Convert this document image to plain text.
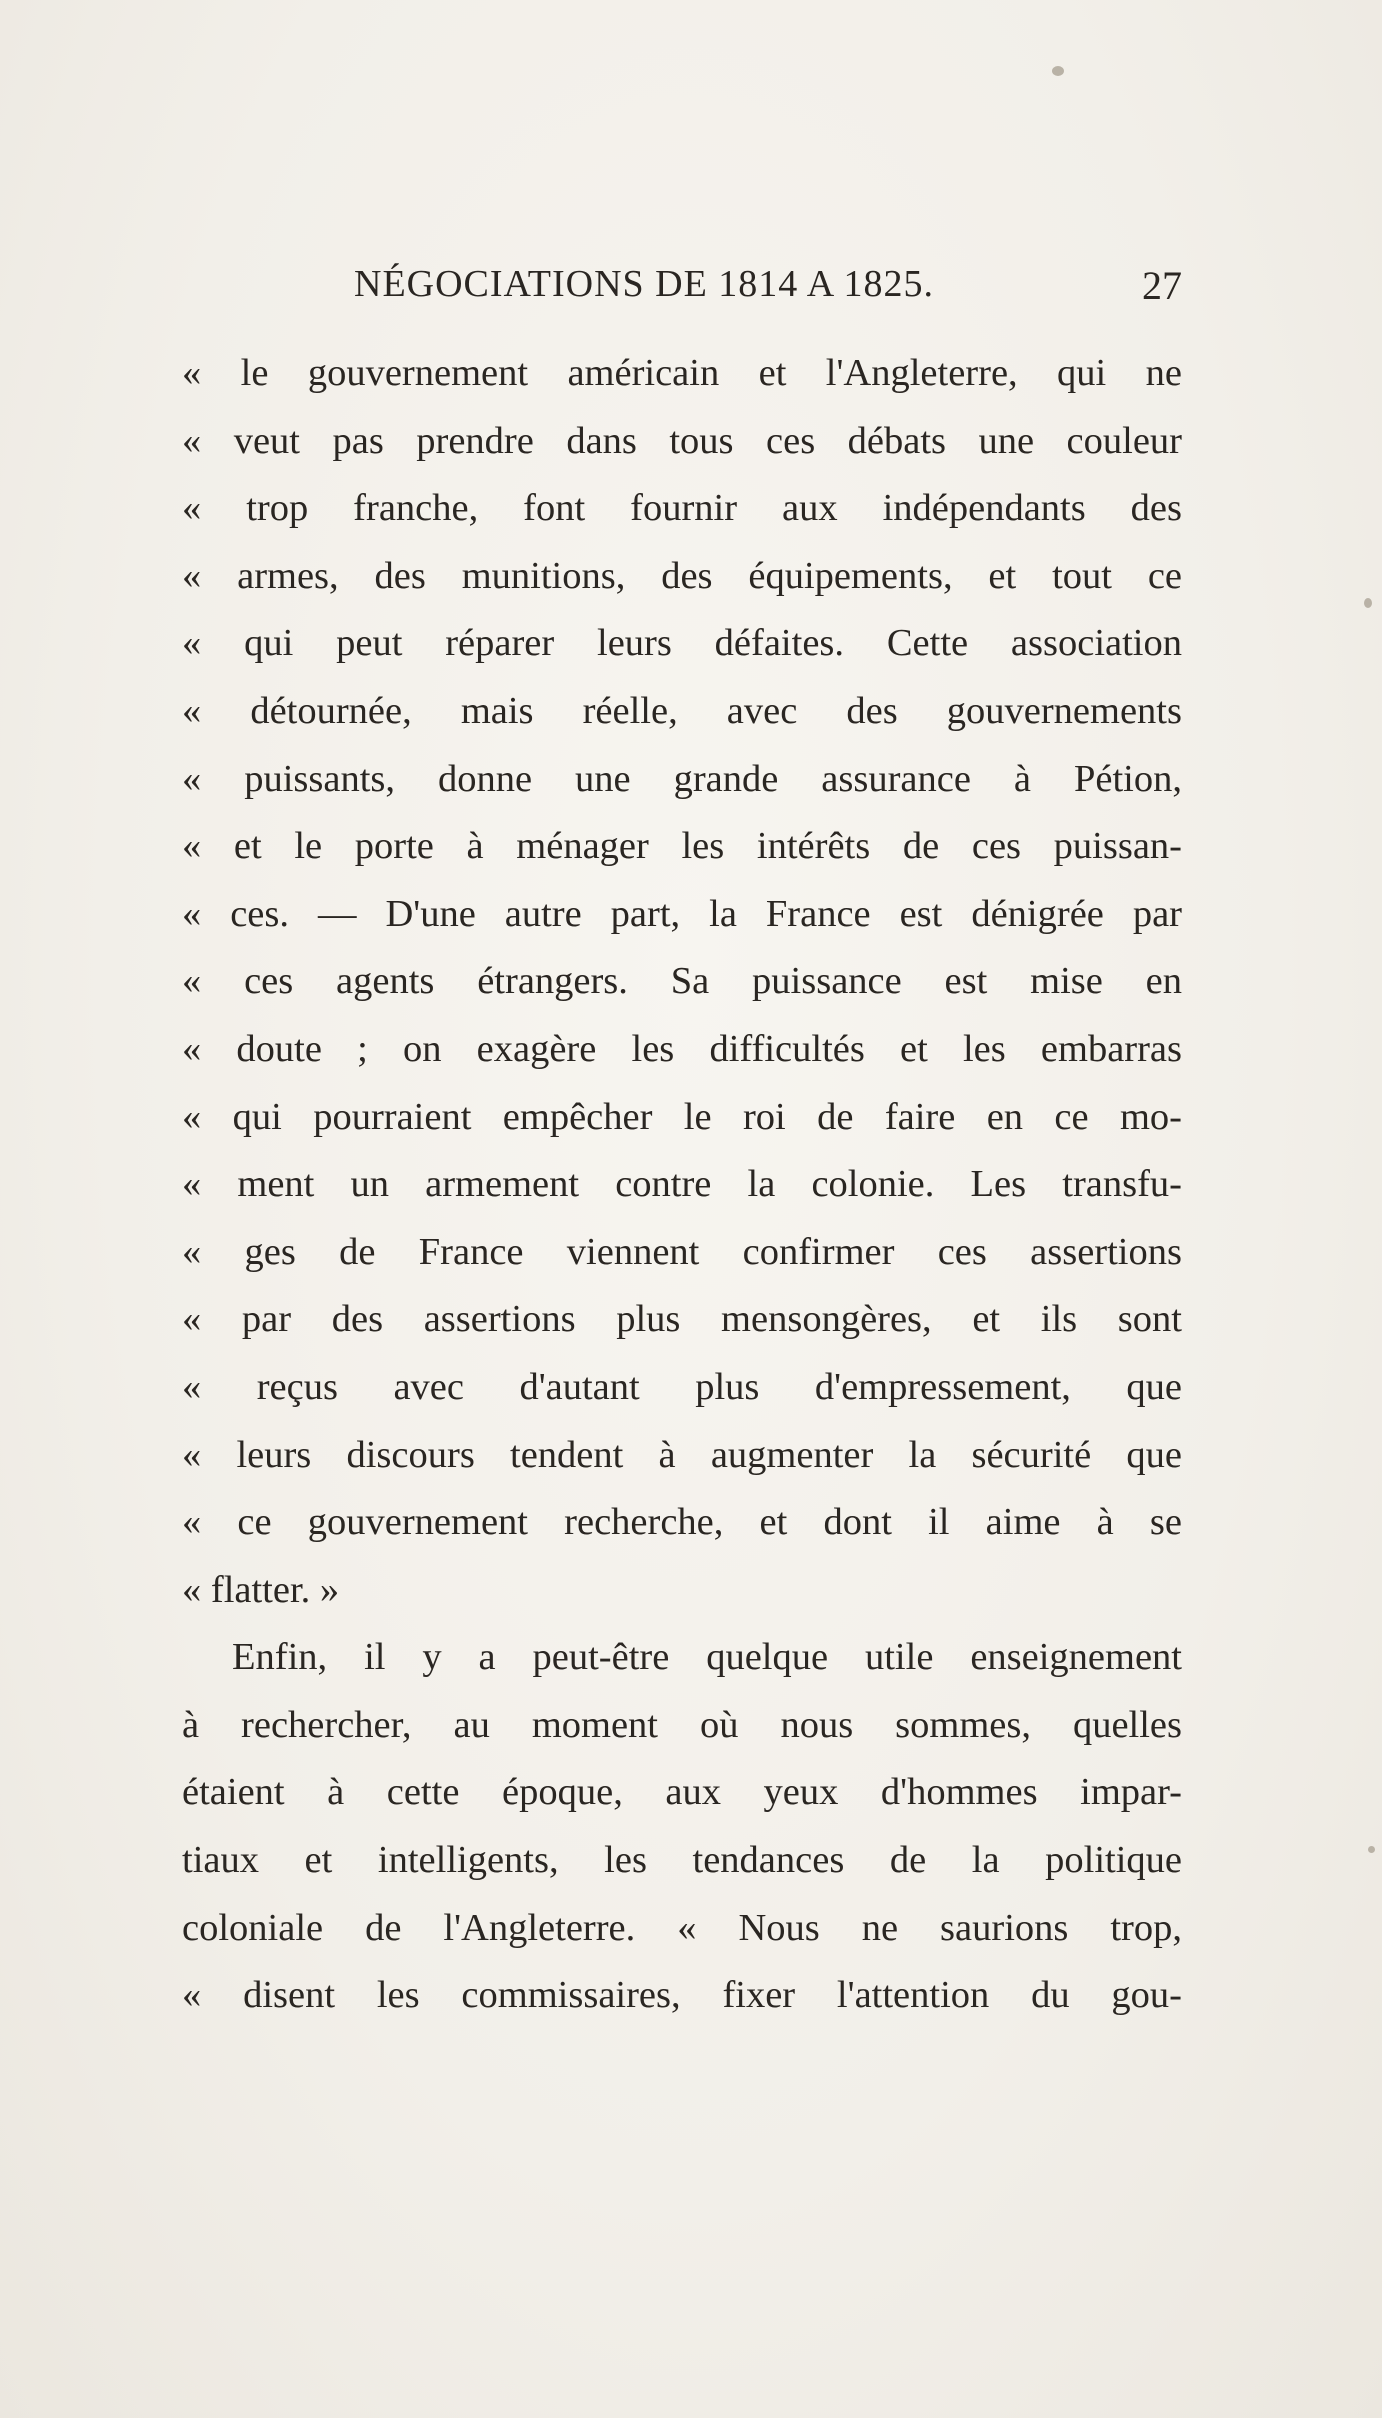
NÉGOCIATIONS DE 1814 A 1825.	27
« le gouvernement américain et l'Angleterre, qui ne
« veut pas prendre dans tous ces débats une couleur
« trop franche, font fournir aux indépendants des
« armes, des munitions, des équipements, et tout ce
« qui peut réparer leurs défaites. Cette association
« détournée, mais réelle, avec des gouvernements
« puissants, donne une grande assurance à Pétion,
« et le porte à ménager les intérêts de ces puissan-
« ces. — D'une autre part, la France est dénigrée par
« ces agents étrangers. Sa puissance est mise en
« doute ; on exagère les difficultés et les embarras
« qui pourraient empêcher le roi de faire en ce mo-
« ment un armement contre la colonie. Les transfu-
« ges de France viennent confirmer ces assertions
« par des assertions plus mensongères, et ils sont
« reçus avec d'autant plus d'empressement, que
« leurs discours tendent à augmenter la sécurité que
« ce gouvernement recherche, et dont il aime à se
« flatter. »
Enfin, il y a peut-être quelque utile enseignement
à rechercher, au moment où nous sommes, quelles
étaient à cette époque, aux yeux d'hommes impar-
tiaux et intelligents, les tendances de la politique
coloniale de l'Angleterre. « Nous ne saurions trop,
« disent les commissaires, fixer l'attention du gou-
